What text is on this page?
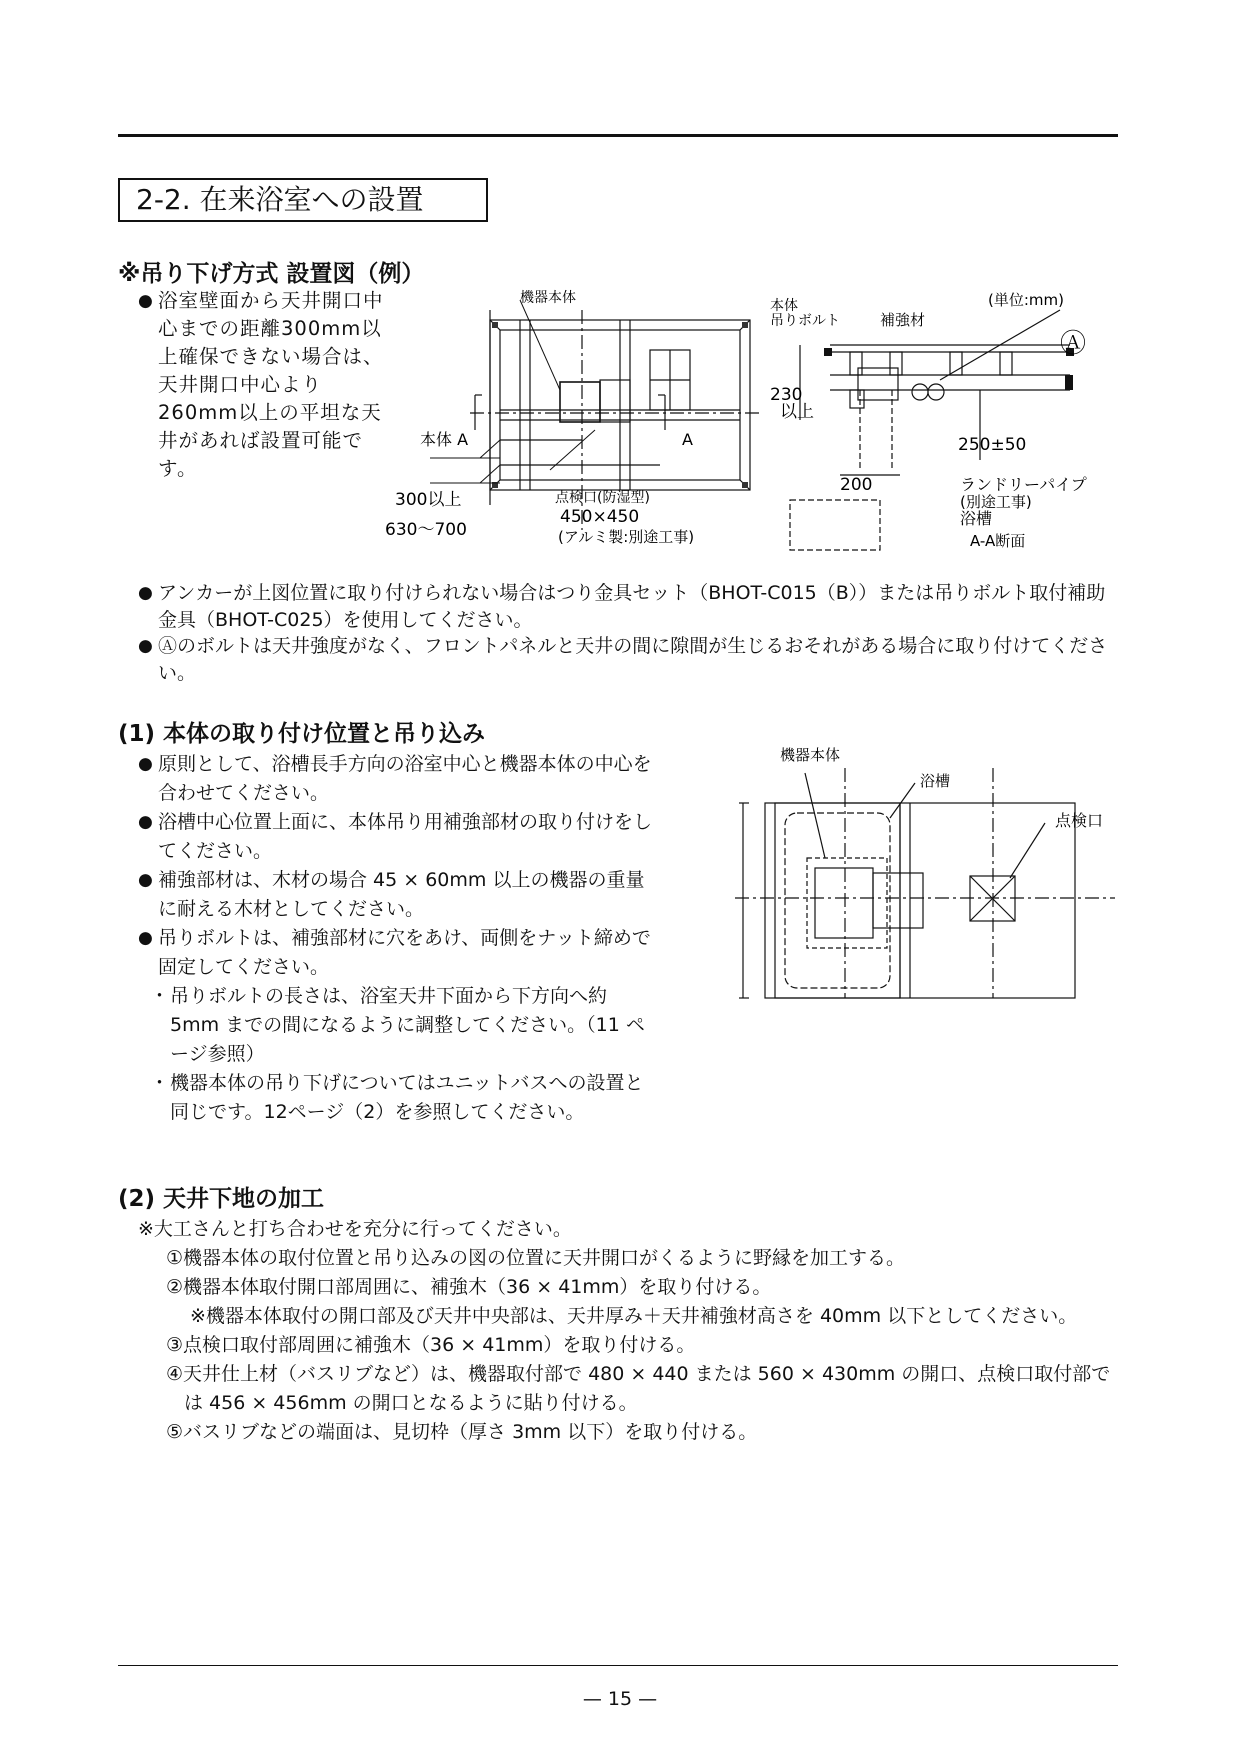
2-2. 在来浴室への設置
※吊り下げ方式 設置図（例）
● 浴室壁面から天井開口中心までの距離300mm以上確保できない場合は、天井開口中心より260mm以上の平坦な天井があれば設置可能です。
機器本体
本体 A	A
300以上
630〜700
点検口(防湿型)
450×450
(アルミ製:別途工事)
本体
吊りボルト	補強材
(単位:mm)
Ⓐ
230
以上
250±50
200	ランドリーパイプ
(別途工事)
浴槽
A-A断面
● アンカーが上図位置に取り付けられない場合はつり金具セット（BHOT-C015（B））または吊りボルト取付補助金具（BHOT-C025）を使用してください。
● Ⓐのボルトは天井強度がなく、フロントパネルと天井の間に隙間が生じるおそれがある場合に取り付けてください。
(1) 本体の取り付け位置と吊り込み
● 原則として、浴槽長手方向の浴室中心と機器本体の中心を合わせてください。
● 浴槽中心位置上面に、本体吊り用補強部材の取り付けをしてください。
● 補強部材は、木材の場合 45 × 60mm 以上の機器の重量に耐える木材としてください。
● 吊りボルトは、補強部材に穴をあけ、両側をナット締めで固定してください。
・ 吊りボルトの長さは、浴室天井下面から下方向へ約 5mm までの間になるように調整してください。（11 ページ参照）
・ 機器本体の吊り下げについてはユニットバスへの設置と同じです。12ページ（2）を参照してください。
機器本体
浴槽
点検口
(2) 天井下地の加工
※大工さんと打ち合わせを充分に行ってください。
①機器本体の取付位置と吊り込みの図の位置に天井開口がくるように野縁を加工する。
②機器本体取付開口部周囲に、補強木（36 × 41mm）を取り付ける。
※機器本体取付の開口部及び天井中央部は、天井厚み＋天井補強材高さを 40mm 以下としてください。
③点検口取付部周囲に補強木（36 × 41mm）を取り付ける。
④天井仕上材（バスリブなど）は、機器取付部で 480 × 440 または 560 × 430mm の開口、点検口取付部では 456 × 456mm の開口となるように貼り付ける。
⑤バスリブなどの端面は、見切枠（厚さ 3mm 以下）を取り付ける。
— 15 —
